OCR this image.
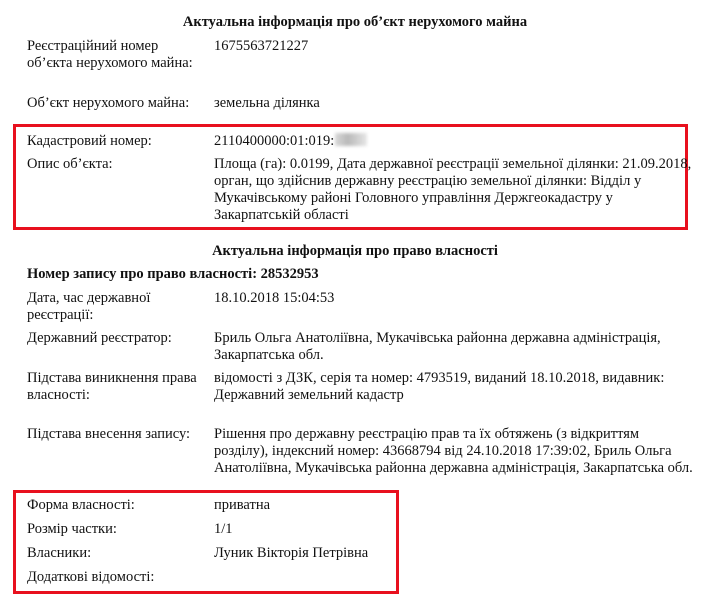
Актуальна інформація про об’єкт нерухомого майна
Реєстраційний номер об’єкта нерухомого майна:
1675563721227
Об’єкт нерухомого майна:	земельна ділянка
Кадастровий номер:	2110400000:01:019:
Опис об’єкта:	Площа (га): 0.0199, Дата державної реєстрації земельної ділянки: 21.09.2018, орган, що здійснив державну реєстрацію земельної ділянки: Відділ у Мукачівському районі Головного управління Держгеокадастру у Закарпатській області
Актуальна інформація про право власності
Номер запису про право власності: 28532953
Дата, час державної реєстрації:
18.10.2018 15:04:53
Державний реєстратор:	Бриль Ольга Анатоліївна, Мукачівська районна державна адміністрація, Закарпатська обл.
Підстава виникнення права власності:
відомості з ДЗК, серія та номер: 4793519, виданий 18.10.2018, видавник: Державний земельний кадастр
Підстава внесення запису:	Рішення про державну реєстрацію прав та їх обтяжень (з відкриттям розділу), індексний номер: 43668794 від 24.10.2018 17:39:02, Бриль Ольга Анатоліївна, Мукачівська районна державна адміністрація, Закарпатська обл.
Форма власності:	приватна
Розмір частки:	1/1
Власники:	Луник Вікторія Петрівна
Додаткові відомості:
